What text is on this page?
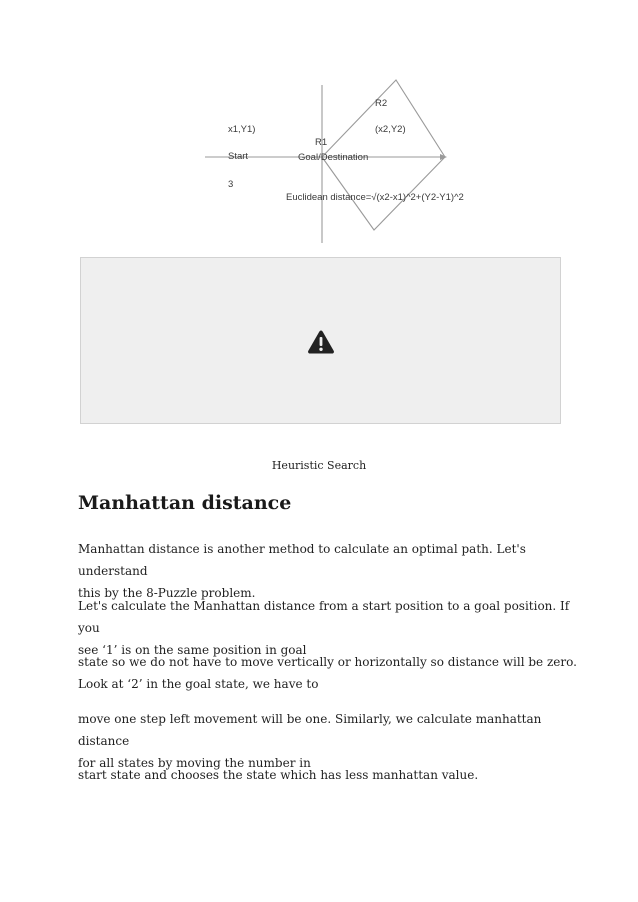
x1,Y1)
Start
3
R1
Goal/Destination
R2
(x2,Y2)
Euclidean distance=√(x2-x1)^2+(Y2-Y1)^2
Heuristic Search
Manhattan distance

Manhattan distance is another method to calculate an optimal path. Let's understand
this by the 8-Puzzle problem.

Let's calculate the Manhattan distance from a start position to a goal position. If you
see ‘1’ is on the same position in goal

state so we do not have to move vertically or horizontally so distance will be zero.
Look at ‘2’ in the goal state, we have to

move one step left movement will be one. Similarly, we calculate manhattan distance
for all states by moving the number in

start state and chooses the state which has less manhattan value.
